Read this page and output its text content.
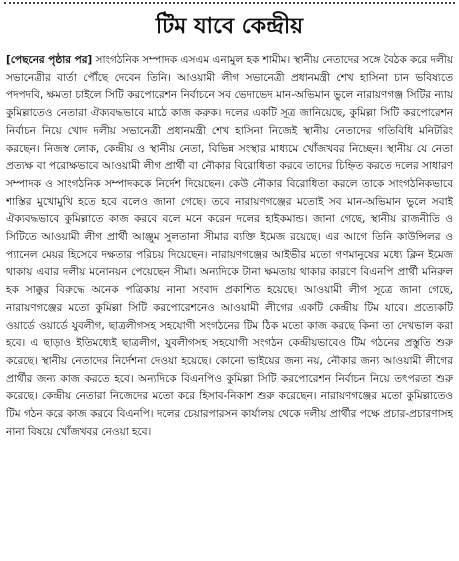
টিম যাবে কেন্দ্রীয়
[পেছনের পৃষ্ঠার পর] সাংগঠনিক সম্পাদক এসএম এনামুল হক শামীম। স্থানীয় নেতাদের সঙ্গে বৈঠক করে দলীয় সভানেত্রীর বার্তা পৌঁছে দেবেন তিনি। আওয়ামী লীগ সভানেত্রী প্রধানমন্ত্রী শেখ হাসিনা চান ভবিষ্যতে পদপদবি, ক্ষমতা চাইলে সিটি করপোরেশন নির্বাচনে সব ভেদাভেদ মান-অভিমান ভুলে নারায়ণগঞ্জ সিটির ন্যায় কুমিল্লাতেও নেতারা ঐক্যবদ্ধভাবে মাঠে কাজ করুক। দলের একটি সূত্র জানিয়েছে, কুমিল্লা সিটি করপোরেশন নির্বাচন নিয়ে খোদ দলীয় সভানেত্রী প্রধানমন্ত্রী শেখ হাসিনা নিজেই স্থানীয় নেতাদের গতিবিধি মনিটরিং করছেন। নিজস্ব লোক, কেন্দ্রীয় ও স্থানীয় নেতা, বিভিন্ন সংস্থার মাধ্যমে খোঁজখবর নিচ্ছেন। স্থানীয় যে নেতা প্রত্যক্ষ বা পরোক্ষভাবে আওয়ামী লীগ প্রার্থী বা নৌকার বিরোধিতা করবে তাদের চিহ্নিত করতে দলের সাধারণ সম্পাদক ও সাংগঠনিক সম্পাদককে নির্দেশ দিয়েছেন। কেউ নৌকার বিরোধিতা করলে তাকে সাংগঠনিকভাবে শাস্তির মুখোমুখি হতে হবে বলেও জানা গেছে। তবে নারায়ণগঞ্জের মতোই সব মান-অভিমান ভুলে সবাই ঐক্যবদ্ধভাবে কুমিল্লাতে কাজ করবে বলে মনে করেন দলের হাইকমান্ড। জানা গেছে, স্থানীয় রাজনীতি ও সিটিতে আওয়ামী লীগ প্রার্থী আঞ্জুম সুলতানা সীমার ব্যক্তি ইমেজ রয়েছে। এর আগে তিনি কাউন্সিলর ও প্যানেল মেয়র হিসেবে দক্ষতার পরিচয় দিয়েছেন। নারায়ণগঞ্জের আইভীর মতো গণমানুষের মধ্যে ক্লিন ইমেজ থাকায় এবার দলীয় মনোনয়ন পেয়েছেন সীমা। অন্যদিকে টানা ক্ষমতায় থাকার কারণে বিএনপি প্রার্থী মনিরুল হক সাক্কুর বিরুদ্ধে অনেক পত্রিকায় নানা সংবাদ প্রকাশিত হয়েছে। আওয়ামী লীগ সূত্রে জানা গেছে, নারায়ণগঞ্জের মতো কুমিল্লা সিটি করপোরেশনেও আওয়ামী লীগের একটি কেন্দ্রীয় টিম যাবে। প্রত্যেকটি ওয়ার্ডে ওয়ার্ডে যুবলীগ, ছাত্রলীগসহ সহযোগী সংগঠনের টিম ঠিক মতো কাজ করছে কিনা তা দেখভাল করা হবে। এ ছাড়াও ইতিমধ্যেই ছাত্রলীগ, যুবলীগসহ সহযোগী সংগঠন কেন্দ্রীয়ভাবেও টিম গঠনের প্রস্তুতি শুরু করেছে। স্থানীয় নেতাদের নির্দেশনা দেওয়া হয়েছে। কোনো ভাইয়ের জন্য নয়, নৌকার জন্য আওয়ামী লীগের প্রার্থীর জন্য কাজ করতে হবে। অন্যদিকে বিএনপিও কুমিল্লা সিটি করপোরেশন নির্বাচন নিয়ে তৎপরতা শুরু করেছে। কেন্দ্রীয় নেতারা নিজেদের মতো করে হিসাব-নিকাশ শুরু করেছেন। নারায়ণগঞ্জের মতো কুমিল্লাতেও টিম গঠন করে কাজ করবে বিএনপি। দলের চেয়ারপারসন কার্যালয় থেকে দলীয় প্রার্থীর পক্ষে প্রচার-প্রচারণাসহ নানা বিষয়ে খোঁজখবর নেওয়া হবে।
